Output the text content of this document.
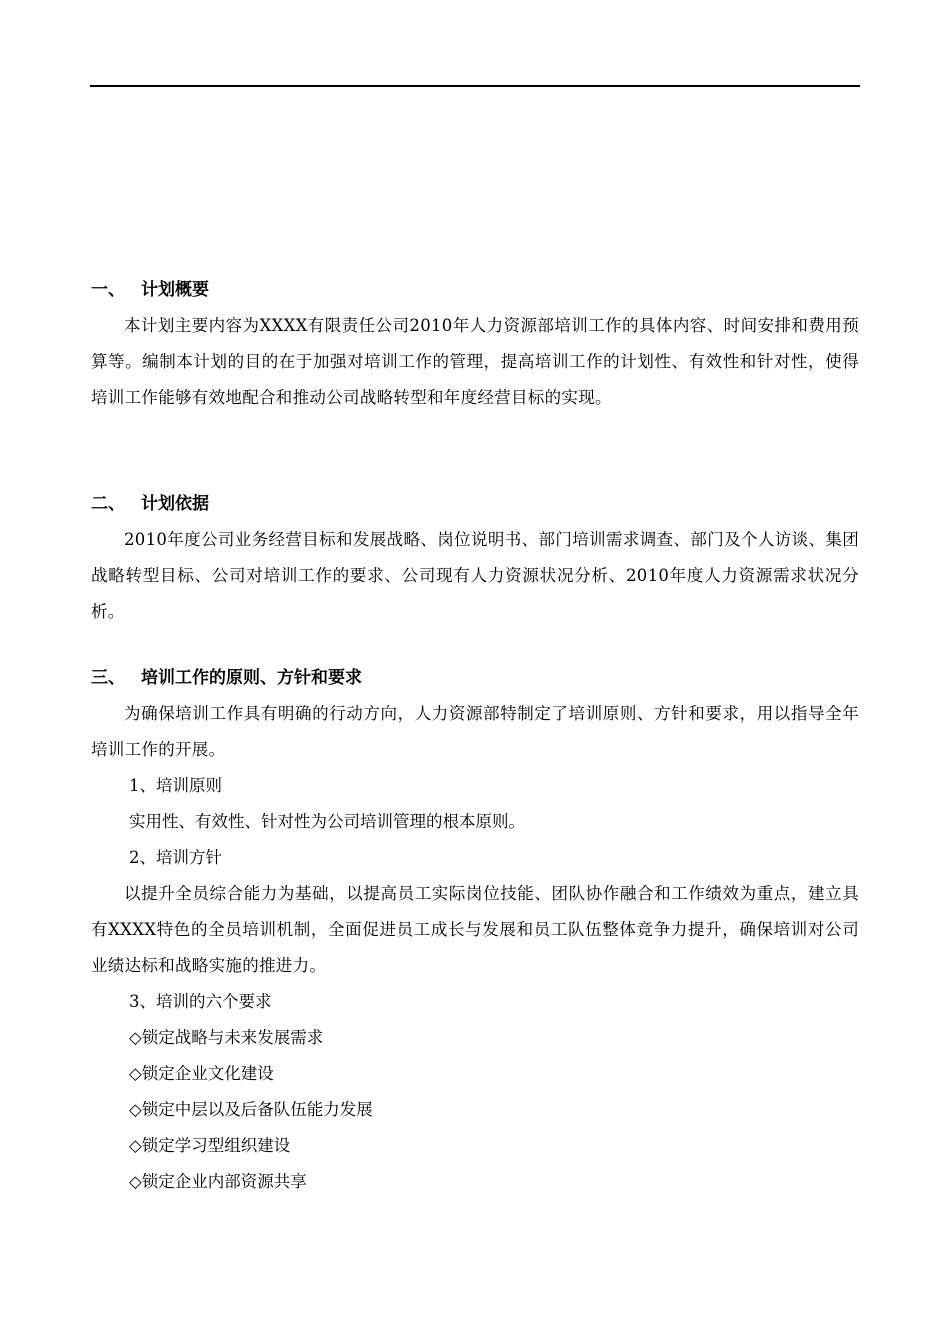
一、 计划概要

本计划主要内容为XXXX有限责任公司2010年人力资源部培训工作的具体内容、时间安排和费用预算等。编制本计划的目的在于加强对培训工作的管理，提高培训工作的计划性、有效性和针对性，使得培训工作能够有效地配合和推动公司战略转型和年度经营目标的实现。

二、 计划依据

2010年度公司业务经营目标和发展战略、岗位说明书、部门培训需求调查、部门及个人访谈、集团战略转型目标、公司对培训工作的要求、公司现有人力资源状况分析、2010年度人力资源需求状况分析。

三、 培训工作的原则、方针和要求

为确保培训工作具有明确的行动方向，人力资源部特制定了培训原则、方针和要求，用以指导全年培训工作的开展。

1、培训原则

实用性、有效性、针对性为公司培训管理的根本原则。

2、培训方针

以提升全员综合能力为基础，以提高员工实际岗位技能、团队协作融合和工作绩效为重点，建立具有XXXX特色的全员培训机制，全面促进员工成长与发展和员工队伍整体竞争力提升，确保培训对公司业绩达标和战略实施的推进力。

3、培训的六个要求

◇锁定战略与未来发展需求

◇锁定企业文化建设

◇锁定中层以及后备队伍能力发展

◇锁定学习型组织建设

◇锁定企业内部资源共享
